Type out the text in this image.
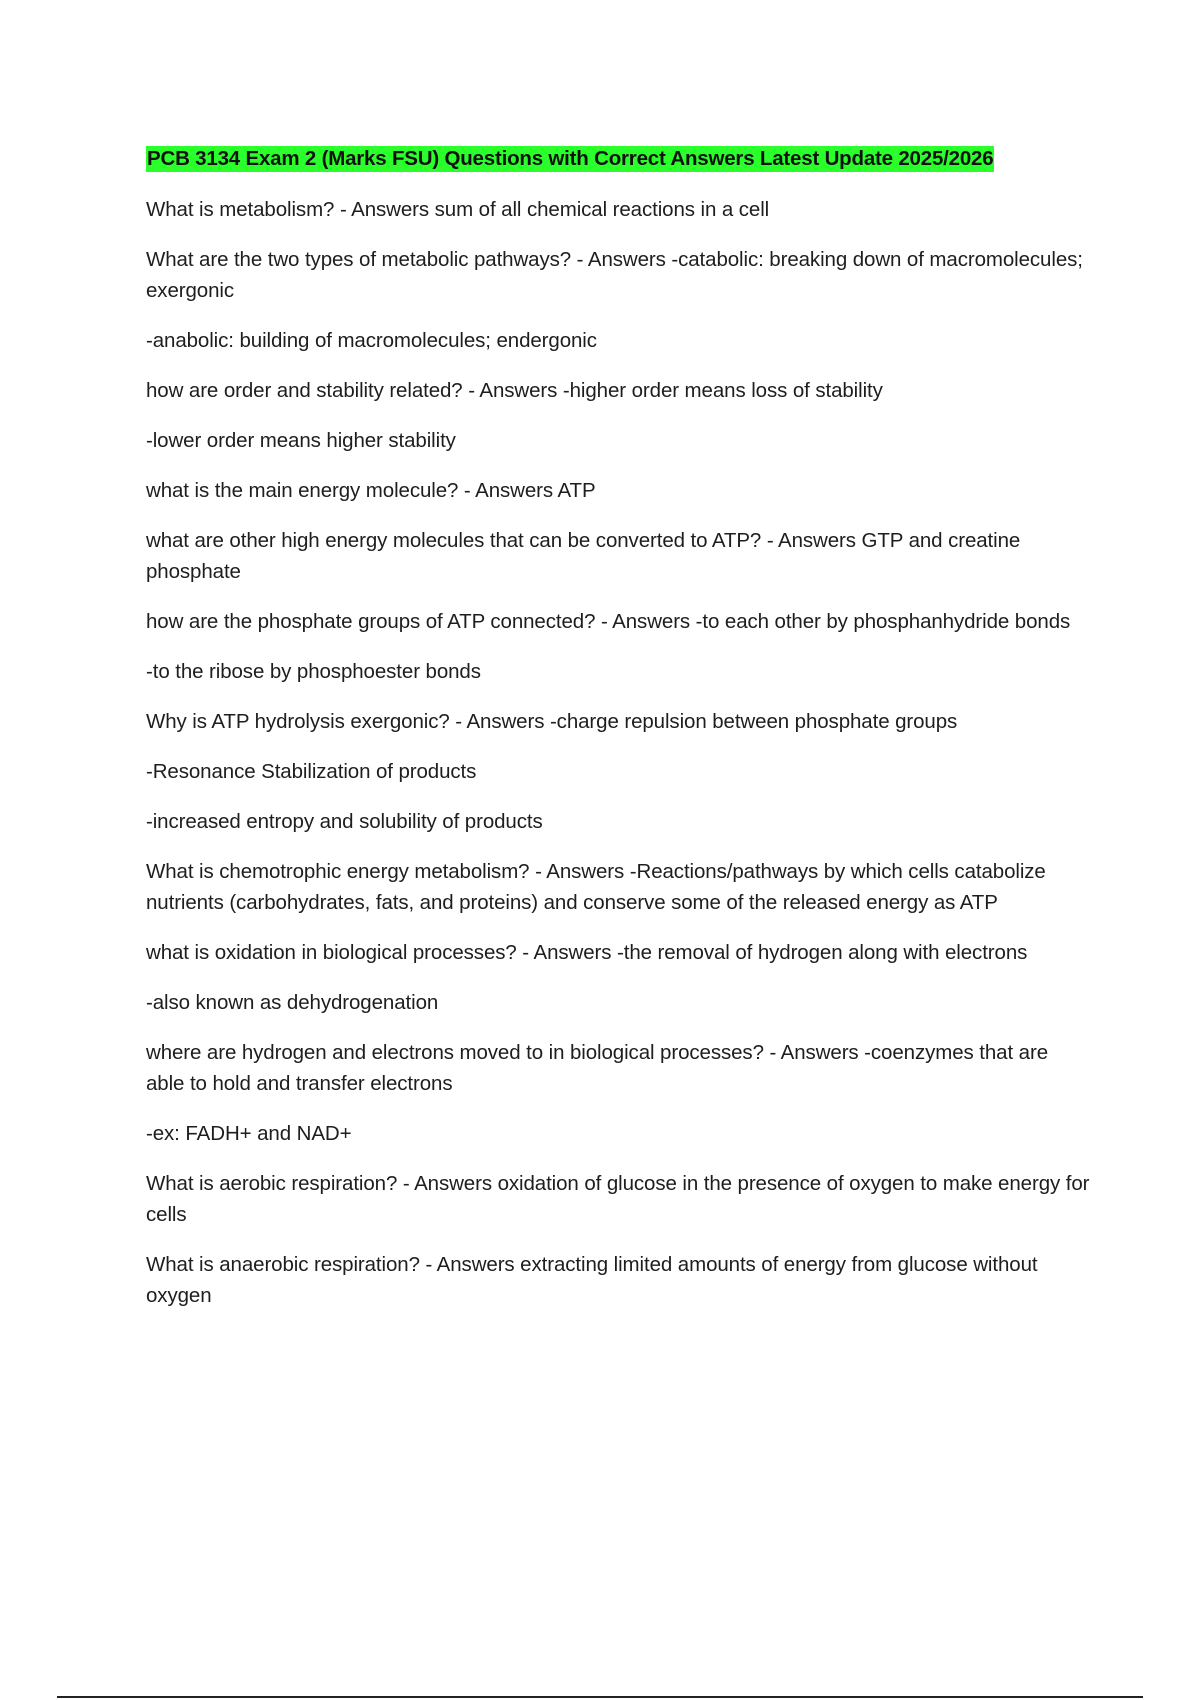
PCB 3134 Exam 2 (Marks FSU) Questions with Correct Answers Latest Update 2025/2026

What is metabolism? - Answers sum of all chemical reactions in a cell

What are the two types of metabolic pathways? - Answers -catabolic: breaking down of macromolecules; exergonic

-anabolic: building of macromolecules; endergonic

how are order and stability related? - Answers -higher order means loss of stability

-lower order means higher stability

what is the main energy molecule? - Answers ATP

what are other high energy molecules that can be converted to ATP? - Answers GTP and creatine phosphate

how are the phosphate groups of ATP connected? - Answers -to each other by phosphanhydride bonds

-to the ribose by phosphoester bonds

Why is ATP hydrolysis exergonic? - Answers -charge repulsion between phosphate groups

-Resonance Stabilization of products

-increased entropy and solubility of products

What is chemotrophic energy metabolism? - Answers -Reactions/pathways by which cells catabolize nutrients (carbohydrates, fats, and proteins) and conserve some of the released energy as ATP

what is oxidation in biological processes? - Answers -the removal of hydrogen along with electrons

-also known as dehydrogenation

where are hydrogen and electrons moved to in biological processes? - Answers -coenzymes that are able to hold and transfer electrons

-ex: FADH+ and NAD+

What is aerobic respiration? - Answers oxidation of glucose in the presence of oxygen to make energy for cells

What is anaerobic respiration? - Answers extracting limited amounts of energy from glucose without oxygen
